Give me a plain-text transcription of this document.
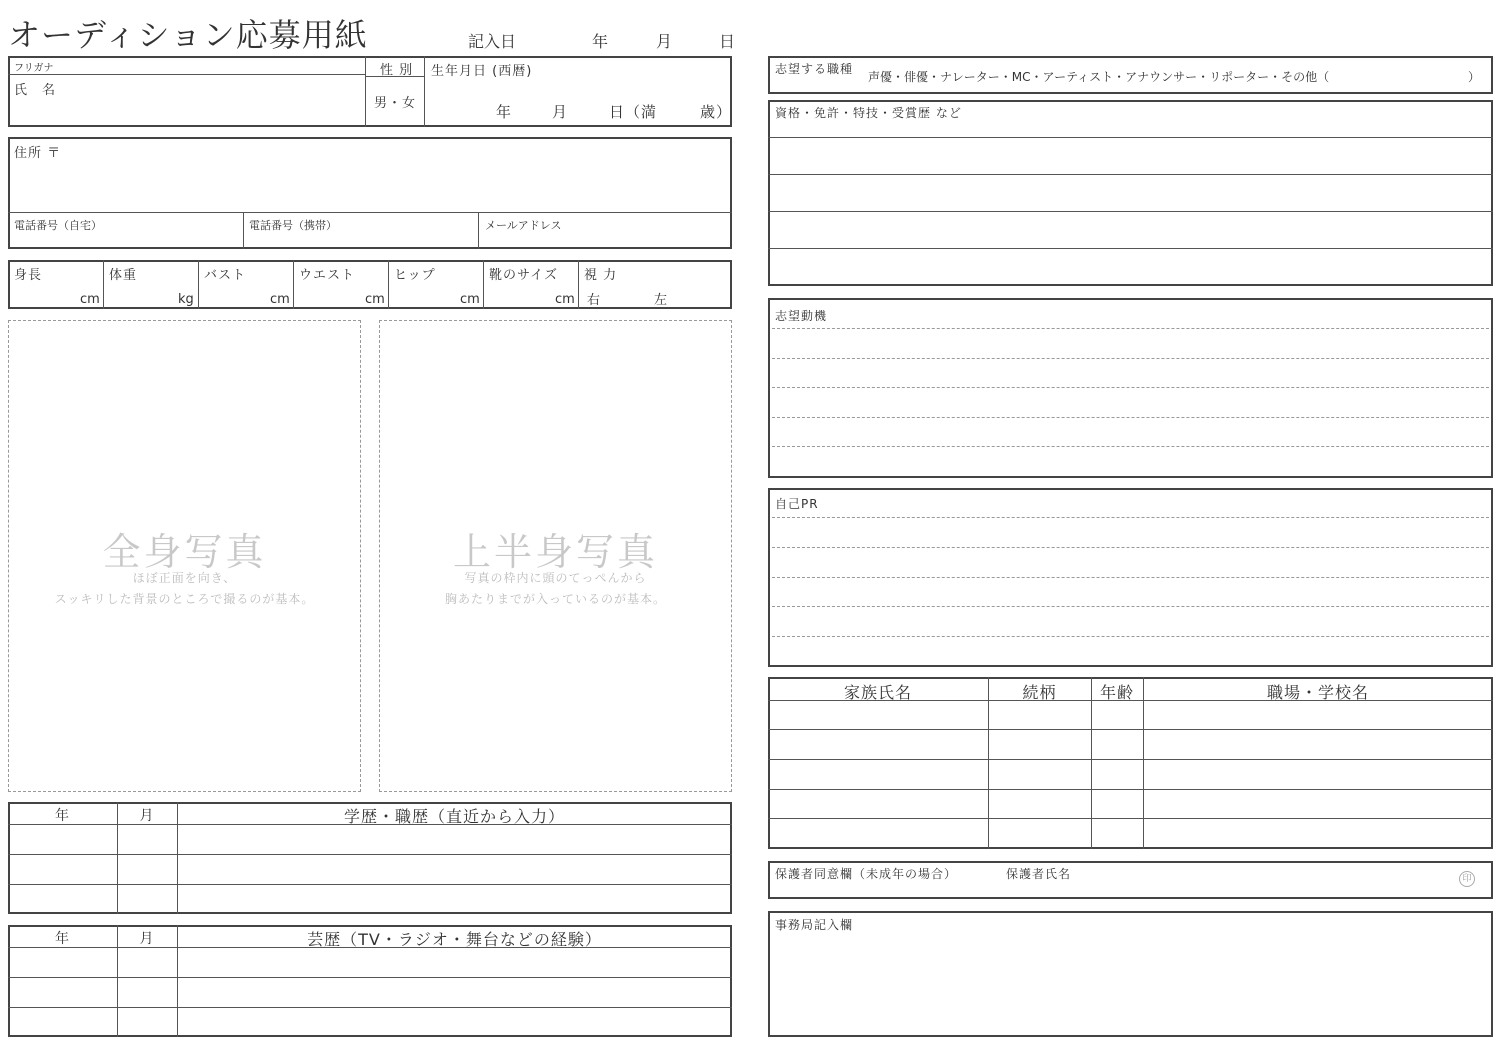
オーディション応募用紙	記入日	年	月	日
フリガナ
氏　名
性 別
男・女
生年月日 (西暦)
年	月	日（満	歳）
住所 〒
電話番号（自宅）	電話番号（携帯）	メールアドレス
身長
cm
体重
kg
バスト
cm
ウエスト
cm
ヒップ
cm
靴のサイズ
cm
視 力
右	左
全身写真
ほぼ正面を向き、
スッキリした背景のところで撮るのが基本。
上半身写真
写真の枠内に頭のてっぺんから
胸あたりまでが入っているのが基本。
年	月	学歴・職歴（直近から入力）
年	月	芸歴（TV・ラジオ・舞台などの経験）
志望する職種
声優・俳優・ナレーター・MC・アーティスト・アナウンサー・リポーター・その他（	）
資格・免許・特技・受賞歴 など
志望動機
自己PR
家族氏名	続柄	年齢	職場・学校名
保護者同意欄（未成年の場合）	保護者氏名	印
事務局記入欄
